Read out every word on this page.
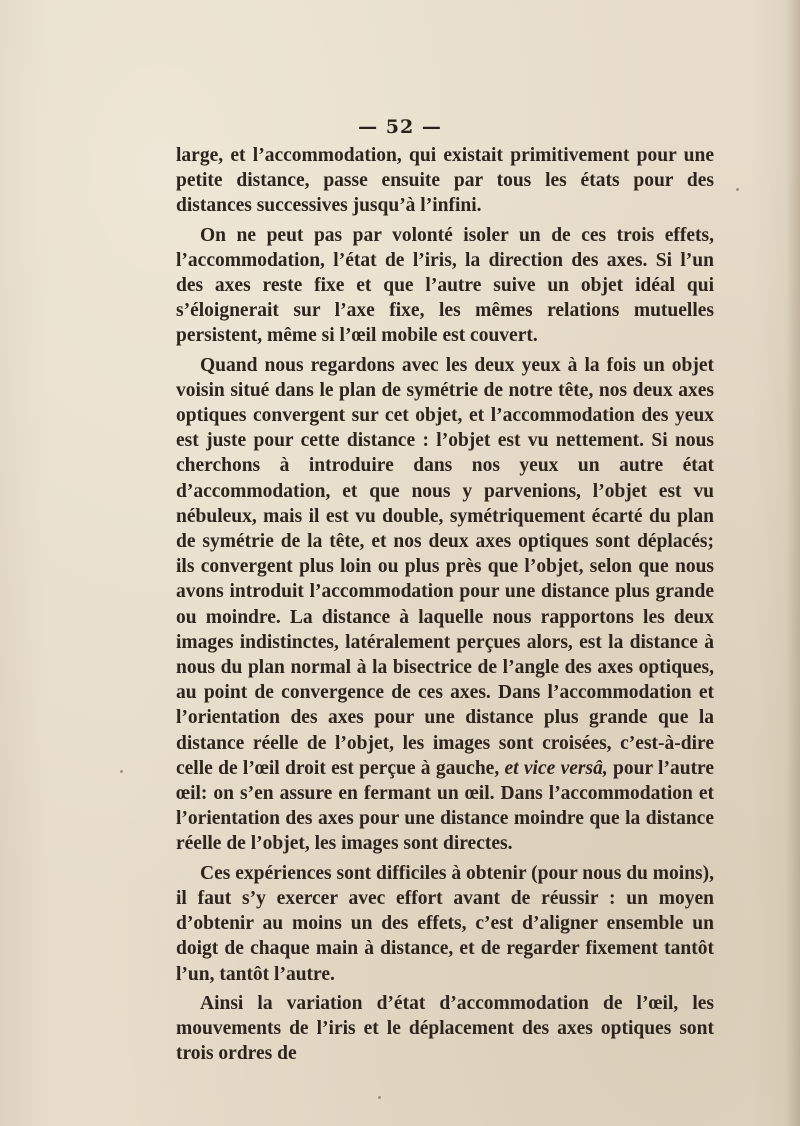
— 52 —

large, et l’accommodation, qui existait primitivement pour une petite distance, passe ensuite par tous les états pour des distances successives jusqu’à l’infini.

On ne peut pas par volonté isoler un de ces trois effets, l’accommodation, l’état de l’iris, la direction des axes. Si l’un des axes reste fixe et que l’autre suive un objet idéal qui s’éloignerait sur l’axe fixe, les mêmes relations mutuelles persistent, même si l’œil mobile est couvert.

Quand nous regardons avec les deux yeux à la fois un objet voisin situé dans le plan de symétrie de notre tête, nos deux axes optiques convergent sur cet objet, et l’accommodation des yeux est juste pour cette distance : l’objet est vu nettement. Si nous cherchons à introduire dans nos yeux un autre état d’accommodation, et que nous y parvenions, l’objet est vu nébuleux, mais il est vu double, symétriquement écarté du plan de symétrie de la tête, et nos deux axes optiques sont déplacés; ils convergent plus loin ou plus près que l’objet, selon que nous avons introduit l’accommodation pour une distance plus grande ou moindre. La distance à laquelle nous rapportons les deux images indistinctes, latéralement perçues alors, est la distance à nous du plan normal à la bisectrice de l’angle des axes optiques, au point de convergence de ces axes. Dans l’accommodation et l’orientation des axes pour une distance plus grande que la distance réelle de l’objet, les images sont croisées, c’est-à-dire celle de l’œil droit est perçue à gauche, et vice versâ, pour l’autre œil: on s’en assure en fermant un œil. Dans l’accommodation et l’orientation des axes pour une distance moindre que la distance réelle de l’objet, les images sont directes.

Ces expériences sont difficiles à obtenir (pour nous du moins), il faut s’y exercer avec effort avant de réussir : un moyen d’obtenir au moins un des effets, c’est d’aligner ensemble un doigt de chaque main à distance, et de regarder fixement tantôt l’un, tantôt l’autre.

Ainsi la variation d’état d’accommodation de l’œil, les mouvements de l’iris et le déplacement des axes optiques sont trois ordres de
